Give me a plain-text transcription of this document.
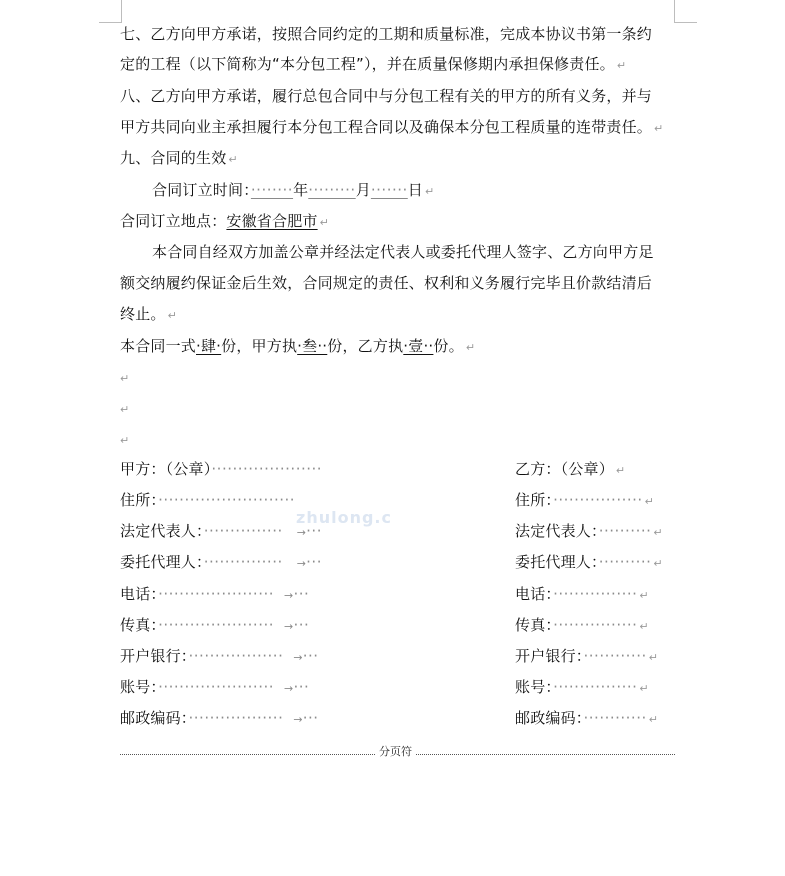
zhulong.c
七、乙方向甲方承诺，按照合同约定的工期和质量标准，完成本协议书第一条约
定的工程（以下简称为“本分包工程”），并在质量保修期内承担保修责任。 ↵
八、乙方向甲方承诺，履行总包合同中与分包工程有关的甲方的所有义务，并与
甲方共同向业主承担履行本分包工程合同以及确保本分包工程质量的连带责任。 ↵
九、合同的生效 ↵
合同订立时间：········年·········月·······日 ↵
合同订立地点：安徽省合肥市 ↵
本合同自经双方加盖公章并经法定代表人或委托代理人签字、乙方向甲方足
额交纳履约保证金后生效，合同规定的责任、权利和义务履行完毕且价款结清后
终止。 ↵
本合同一式·肆·份，甲方执·叁··份，乙方执·壹··份。 ↵
↵
↵
↵
甲方：（公章）·····················	乙方：（公章） ↵
住所：··························	住所：················· ↵
法定代表人：··············· →···	法定代表人：·········· ↵
委托代理人：··············· →···	委托代理人：·········· ↵
电话：······················ →···	电话：················ ↵
传真：······················ →···	传真：················ ↵
开户银行：·················· →···	开户银行：············ ↵
账号：······················ →···	账号：················ ↵
邮政编码：·················· →···	邮政编码：············ ↵
分页符
